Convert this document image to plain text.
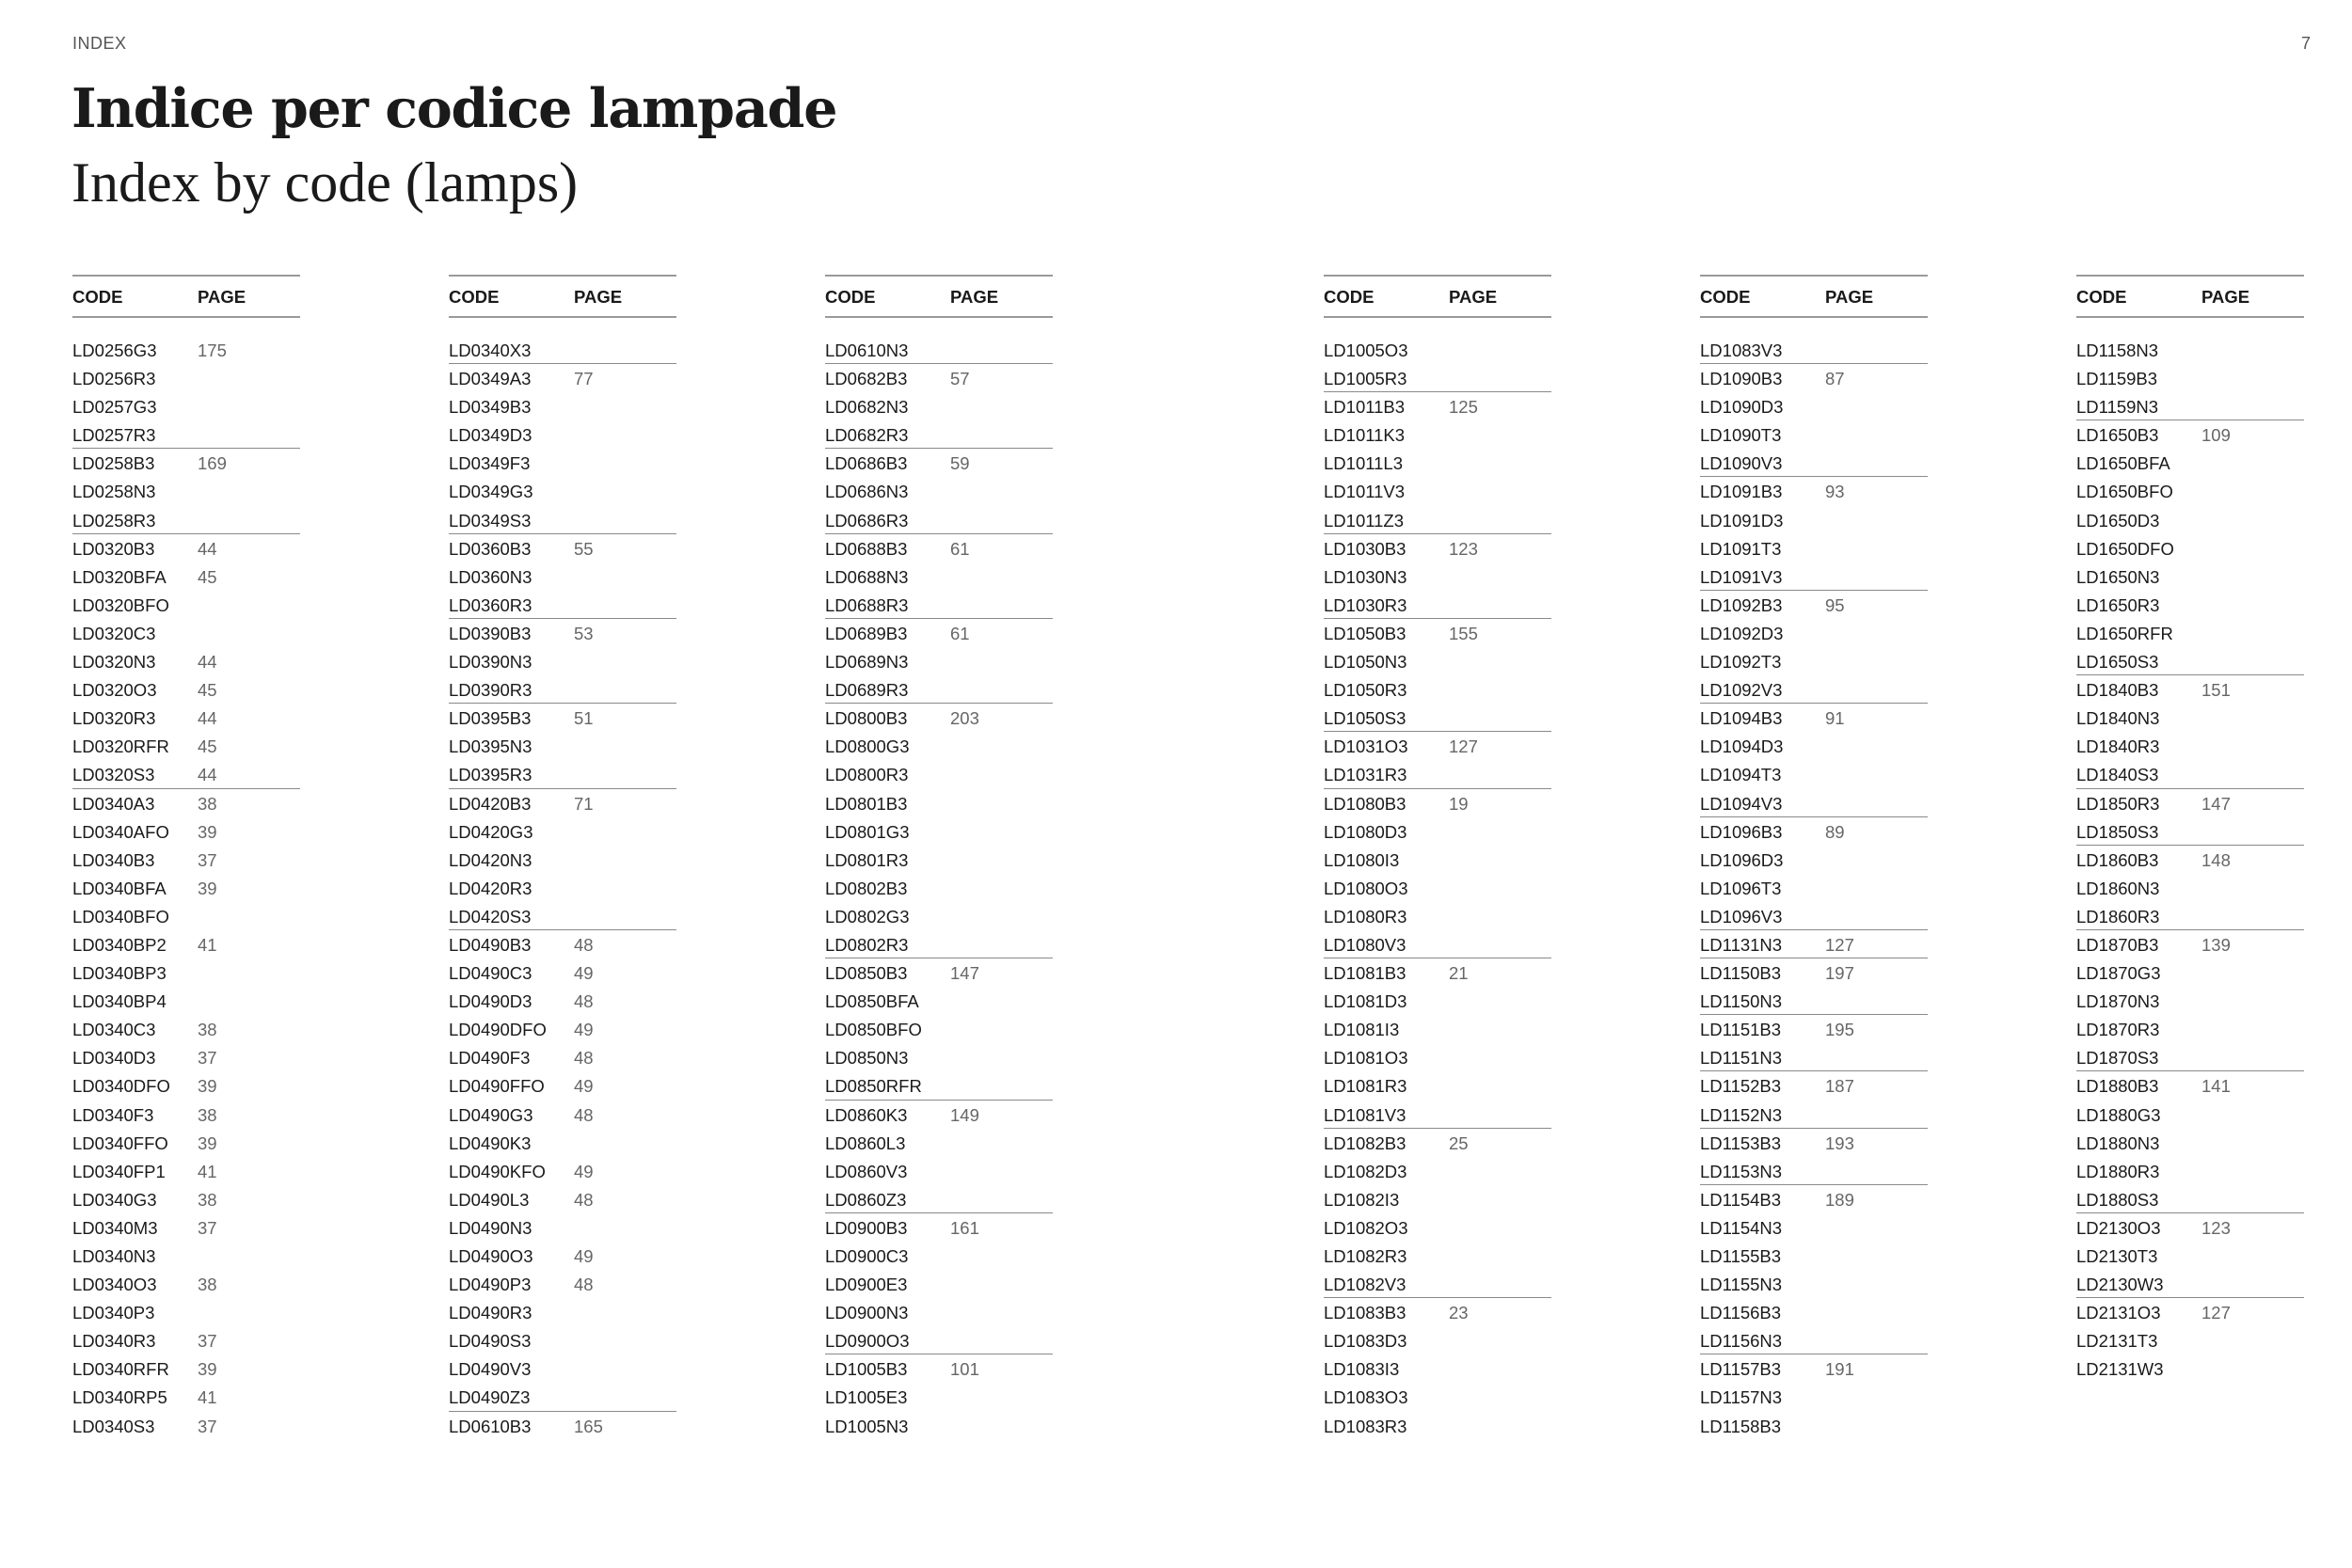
INDEX	7
Indice per codice lampade
Index by code (lamps)
CODE	PAGE
LD0256G3 175
LD0256R3
LD0257G3
LD0257R3
LD0258B3 169
LD0258N3
LD0258R3
LD0320B3 44
LD0320BFA 45
LD0320BFO
LD0320C3
LD0320N3 44
LD0320O3 45
LD0320R3 44
LD0320RFR 45
LD0320S3 44
LD0340A3 38
LD0340AFO 39
LD0340B3 37
LD0340BFA 39
LD0340BFO
LD0340BP2 41
LD0340BP3
LD0340BP4
LD0340C3 38
LD0340D3 37
LD0340DFO 39
LD0340F3	38
LD0340FFO 39
LD0340FP1 41
LD0340G3 38
LD0340M3 37
LD0340N3
LD0340O3 38
LD0340P3
LD0340R3 37
LD0340RFR 39
LD0340RP5 41
LD0340S3 37
CODE	PAGE
LD0340X3
LD0349A3 77
LD0349B3
LD0349D3
LD0349F3
LD0349G3
LD0349S3
LD0360B3 55
LD0360N3
LD0360R3
LD0390B3 53
LD0390N3
LD0390R3
LD0395B3 51
LD0395N3
LD0395R3
LD0420B3 71
LD0420G3
LD0420N3
LD0420R3
LD0420S3
LD0490B3 48
LD0490C3 49
LD0490D3 48
LD0490DFO 49
LD0490F3	48
LD0490FFO 49
LD0490G3 48
LD0490K3
LD0490KFO 49
LD0490L3	48
LD0490N3
LD0490O3 49
LD0490P3 48
LD0490R3
LD0490S3
LD0490V3
LD0490Z3
LD0610B3 165
CODE	PAGE
LD0610N3
LD0682B3 57
LD0682N3
LD0682R3
LD0686B3 59
LD0686N3
LD0686R3
LD0688B3 61
LD0688N3
LD0688R3
LD0689B3 61
LD0689N3
LD0689R3
LD0800B3 203
LD0800G3
LD0800R3
LD0801B3
LD0801G3
LD0801R3
LD0802B3
LD0802G3
LD0802R3
LD0850B3 147
LD0850BFA
LD0850BFO
LD0850N3
LD0850RFR
LD0860K3 149
LD0860L3
LD0860V3
LD0860Z3
LD0900B3 161
LD0900C3
LD0900E3
LD0900N3
LD0900O3
LD1005B3 101
LD1005E3
LD1005N3
CODE	PAGE
LD1005O3
LD1005R3
LD1011B3	125
LD1011K3
LD1011L3
LD1011V3
LD1011Z3
LD1030B3 123
LD1030N3
LD1030R3
LD1050B3 155
LD1050N3
LD1050R3
LD1050S3
LD1031O3 127
LD1031R3
LD1080B3 19
LD1080D3
LD1080I3
LD1080O3
LD1080R3
LD1080V3
LD1081B3 21
LD1081D3
LD1081I3
LD1081O3
LD1081R3
LD1081V3
LD1082B3 25
LD1082D3
LD1082I3
LD1082O3
LD1082R3
LD1082V3
LD1083B3 23
LD1083D3
LD1083I3
LD1083O3
LD1083R3
CODE	PAGE
LD1083V3
LD1090B3 87
LD1090D3
LD1090T3
LD1090V3
LD1091B3 93
LD1091D3
LD1091T3
LD1091V3
LD1092B3 95
LD1092D3
LD1092T3
LD1092V3
LD1094B3 91
LD1094D3
LD1094T3
LD1094V3
LD1096B3 89
LD1096D3
LD1096T3
LD1096V3
LD1131N3 127
LD1150B3	197
LD1150N3
LD1151B3	195
LD1151N3
LD1152B3	187
LD1152N3
LD1153B3	193
LD1153N3
LD1154B3	189
LD1154N3
LD1155B3
LD1155N3
LD1156B3
LD1156N3
LD1157B3	191
LD1157N3
LD1158B3
CODE	PAGE
LD1158N3
LD1159B3
LD1159N3
LD1650B3 109
LD1650BFA
LD1650BFO
LD1650D3
LD1650DFO
LD1650N3
LD1650R3
LD1650RFR
LD1650S3
LD1840B3 151
LD1840N3
LD1840R3
LD1840S3
LD1850R3 147
LD1850S3
LD1860B3 148
LD1860N3
LD1860R3
LD1870B3 139
LD1870G3
LD1870N3
LD1870R3
LD1870S3
LD1880B3 141
LD1880G3
LD1880N3
LD1880R3
LD1880S3
LD2130O3 123
LD2130T3
LD2130W3
LD2131O3 127
LD2131T3
LD2131W3
